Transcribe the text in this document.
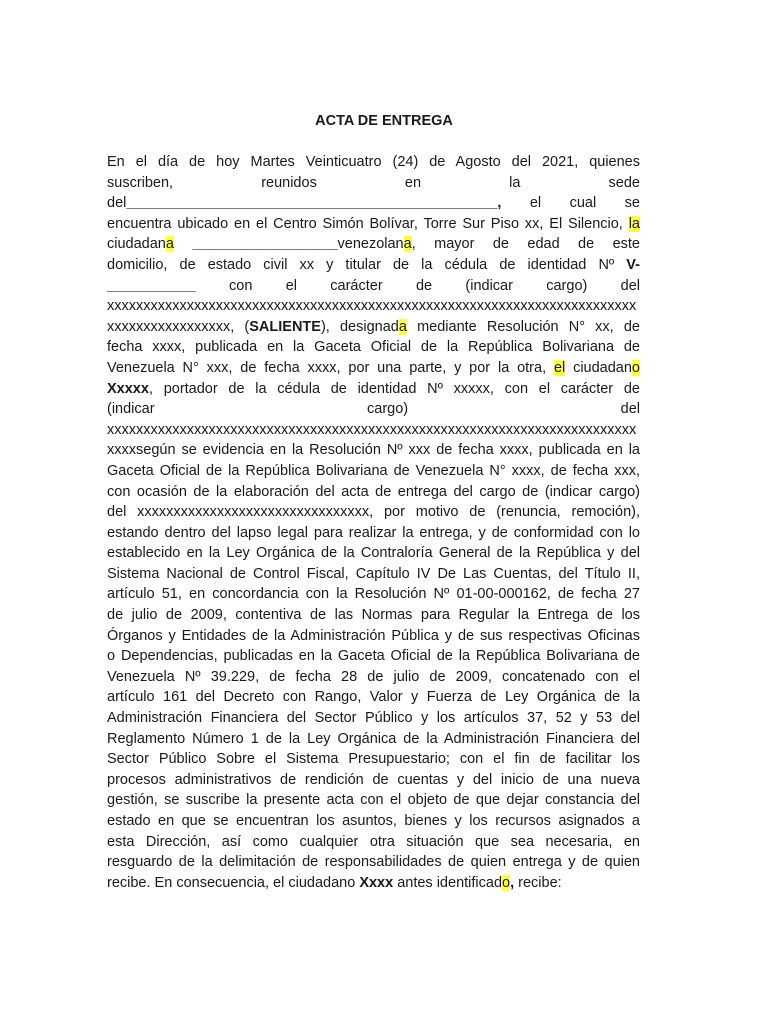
ACTA DE ENTREGA
En el día de hoy Martes Veinticuatro (24) de Agosto del 2021, quienes
suscriben, reunidos en la sede
del______________________________________________, el cual se
encuentra ubicado en el Centro Simón Bolívar, Torre Sur Piso xx, El Silencio, la
ciudadana __________________venezolana, mayor de edad de este
domicilio, de estado civil xx y titular de la cédula de identidad Nº V-
___________ con el carácter de (indicar cargo) del
xxxxxxxxxxxxxxxxxxxxxxxxxxxxxxxxxxxxxxxxxxxxxxxxxxxxxxxxxxxxxxxxxxxxxxxxx
xxxxxxxxxxxxxxxxx, (SALIENTE), designada mediante Resolución N° xx, de
fecha xxxx, publicada en la Gaceta Oficial de la República Bolivariana de
Venezuela N° xxx, de fecha xxxx, por una parte, y por la otra, el ciudadano
Xxxxx, portador de la cédula de identidad Nº xxxxx, con el carácter de
(indicar cargo) del
xxxxxxxxxxxxxxxxxxxxxxxxxxxxxxxxxxxxxxxxxxxxxxxxxxxxxxxxxxxxxxxxxxxxxxxxx
xxxxsegún se evidencia en la Resolución Nº xxx de fecha xxxx, publicada en la
Gaceta Oficial de la República Bolivariana de Venezuela N° xxxx, de fecha xxx,
con ocasión de la elaboración del acta de entrega del cargo de (indicar cargo)
del xxxxxxxxxxxxxxxxxxxxxxxxxxxxxxxx, por motivo de (renuncia, remoción),
estando dentro del lapso legal para realizar la entrega, y de conformidad con lo
establecido en la Ley Orgánica de la Contraloría General de la República y del
Sistema Nacional de Control Fiscal, Capítulo IV De Las Cuentas, del Título II,
artículo 51, en concordancia con la Resolución Nº 01-00-000162, de fecha 27
de julio de 2009, contentiva de las Normas para Regular la Entrega de los
Órganos y Entidades de la Administración Pública y de sus respectivas Oficinas
o Dependencias, publicadas en la Gaceta Oficial de la República Bolivariana de
Venezuela Nº 39.229, de fecha 28 de julio de 2009, concatenado con el
artículo 161 del Decreto con Rango, Valor y Fuerza de Ley Orgánica de la
Administración Financiera del Sector Público y los artículos 37, 52 y 53 del
Reglamento Número 1 de la Ley Orgánica de la Administración Financiera del
Sector Público Sobre el Sistema Presupuestario; con el fin de facilitar los
procesos administrativos de rendición de cuentas y del inicio de una nueva
gestión, se suscribe la presente acta con el objeto de que dejar constancia del
estado en que se encuentran los asuntos, bienes y los recursos asignados a
esta Dirección, así como cualquier otra situación que sea necesaria, en
resguardo de la delimitación de responsabilidades de quien entrega y de quien
recibe. En consecuencia, el ciudadano Xxxx antes identificado, recibe:
